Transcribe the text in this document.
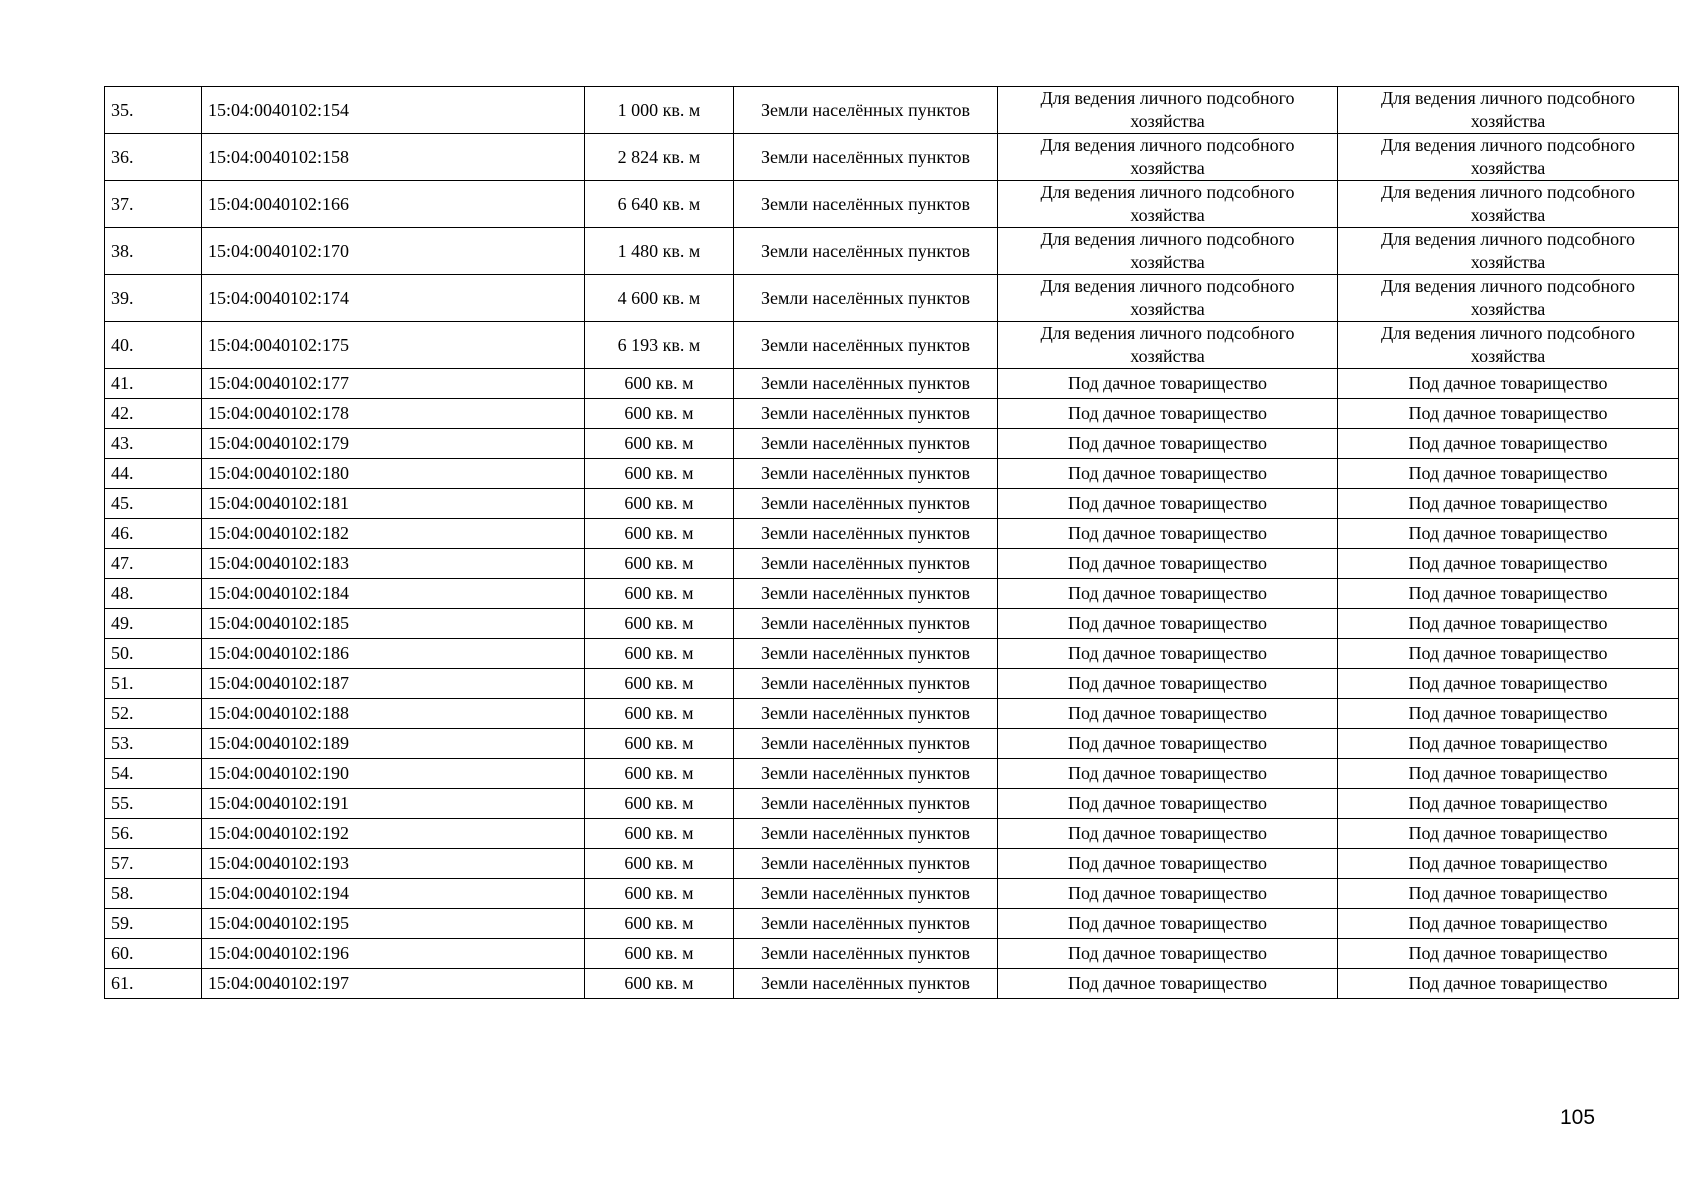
35.	15:04:0040102:154	1 000 кв. м	Земли населённых пунктов	Для ведения личного подсобного хозяйства	Для ведения личного подсобного хозяйства
36.	15:04:0040102:158	2 824 кв. м	Земли населённых пунктов	Для ведения личного подсобного хозяйства	Для ведения личного подсобного хозяйства
37.	15:04:0040102:166	6 640 кв. м	Земли населённых пунктов	Для ведения личного подсобного хозяйства	Для ведения личного подсобного хозяйства
38.	15:04:0040102:170	1 480 кв. м	Земли населённых пунктов	Для ведения личного подсобного хозяйства	Для ведения личного подсобного хозяйства
39.	15:04:0040102:174	4 600 кв. м	Земли населённых пунктов	Для ведения личного подсобного хозяйства	Для ведения личного подсобного хозяйства
40.	15:04:0040102:175	6 193 кв. м	Земли населённых пунктов	Для ведения личного подсобного хозяйства	Для ведения личного подсобного хозяйства
41.	15:04:0040102:177	600 кв. м	Земли населённых пунктов	Под дачное товарищество	Под дачное товарищество
42.	15:04:0040102:178	600 кв. м	Земли населённых пунктов	Под дачное товарищество	Под дачное товарищество
43.	15:04:0040102:179	600 кв. м	Земли населённых пунктов	Под дачное товарищество	Под дачное товарищество
44.	15:04:0040102:180	600 кв. м	Земли населённых пунктов	Под дачное товарищество	Под дачное товарищество
45.	15:04:0040102:181	600 кв. м	Земли населённых пунктов	Под дачное товарищество	Под дачное товарищество
46.	15:04:0040102:182	600 кв. м	Земли населённых пунктов	Под дачное товарищество	Под дачное товарищество
47.	15:04:0040102:183	600 кв. м	Земли населённых пунктов	Под дачное товарищество	Под дачное товарищество
48.	15:04:0040102:184	600 кв. м	Земли населённых пунктов	Под дачное товарищество	Под дачное товарищество
49.	15:04:0040102:185	600 кв. м	Земли населённых пунктов	Под дачное товарищество	Под дачное товарищество
50.	15:04:0040102:186	600 кв. м	Земли населённых пунктов	Под дачное товарищество	Под дачное товарищество
51.	15:04:0040102:187	600 кв. м	Земли населённых пунктов	Под дачное товарищество	Под дачное товарищество
52.	15:04:0040102:188	600 кв. м	Земли населённых пунктов	Под дачное товарищество	Под дачное товарищество
53.	15:04:0040102:189	600 кв. м	Земли населённых пунктов	Под дачное товарищество	Под дачное товарищество
54.	15:04:0040102:190	600 кв. м	Земли населённых пунктов	Под дачное товарищество	Под дачное товарищество
55.	15:04:0040102:191	600 кв. м	Земли населённых пунктов	Под дачное товарищество	Под дачное товарищество
56.	15:04:0040102:192	600 кв. м	Земли населённых пунктов	Под дачное товарищество	Под дачное товарищество
57.	15:04:0040102:193	600 кв. м	Земли населённых пунктов	Под дачное товарищество	Под дачное товарищество
58.	15:04:0040102:194	600 кв. м	Земли населённых пунктов	Под дачное товарищество	Под дачное товарищество
59.	15:04:0040102:195	600 кв. м	Земли населённых пунктов	Под дачное товарищество	Под дачное товарищество
60.	15:04:0040102:196	600 кв. м	Земли населённых пунктов	Под дачное товарищество	Под дачное товарищество
61.	15:04:0040102:197	600 кв. м	Земли населённых пунктов	Под дачное товарищество	Под дачное товарищество
105
